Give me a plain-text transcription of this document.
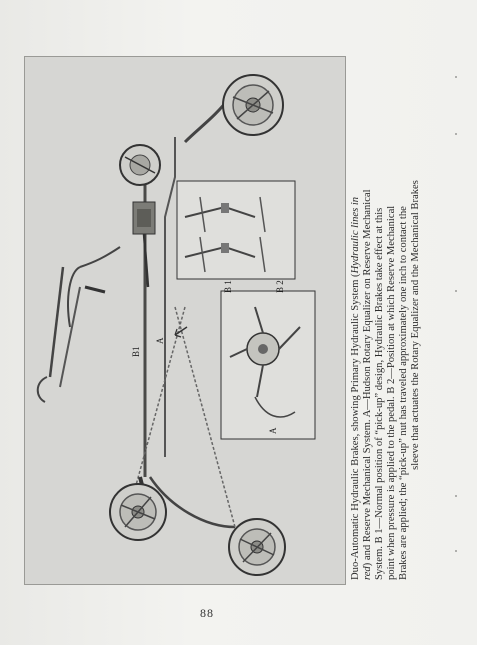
B1
B 1	B 2
A
A	Duo-Automatic Hydraulic Brakes, showing Primary Hydraulic System (Hydraulic lines in
red) and Reserve Mechanical System. A—Hudson Rotary Equalizer on Reserve Mechanical System. B 1—Normal position of “pick-up” design, Hydraulic Brakes take effect at this point when pressure is applied to the pedal. B 2—Position at which Reserve Mechanical Brakes are applied; the “pick-up” nut has traveled approximately one inch to contact the sleeve that actuates the Rotary Equalizer and the Mechanical Brakes
88
